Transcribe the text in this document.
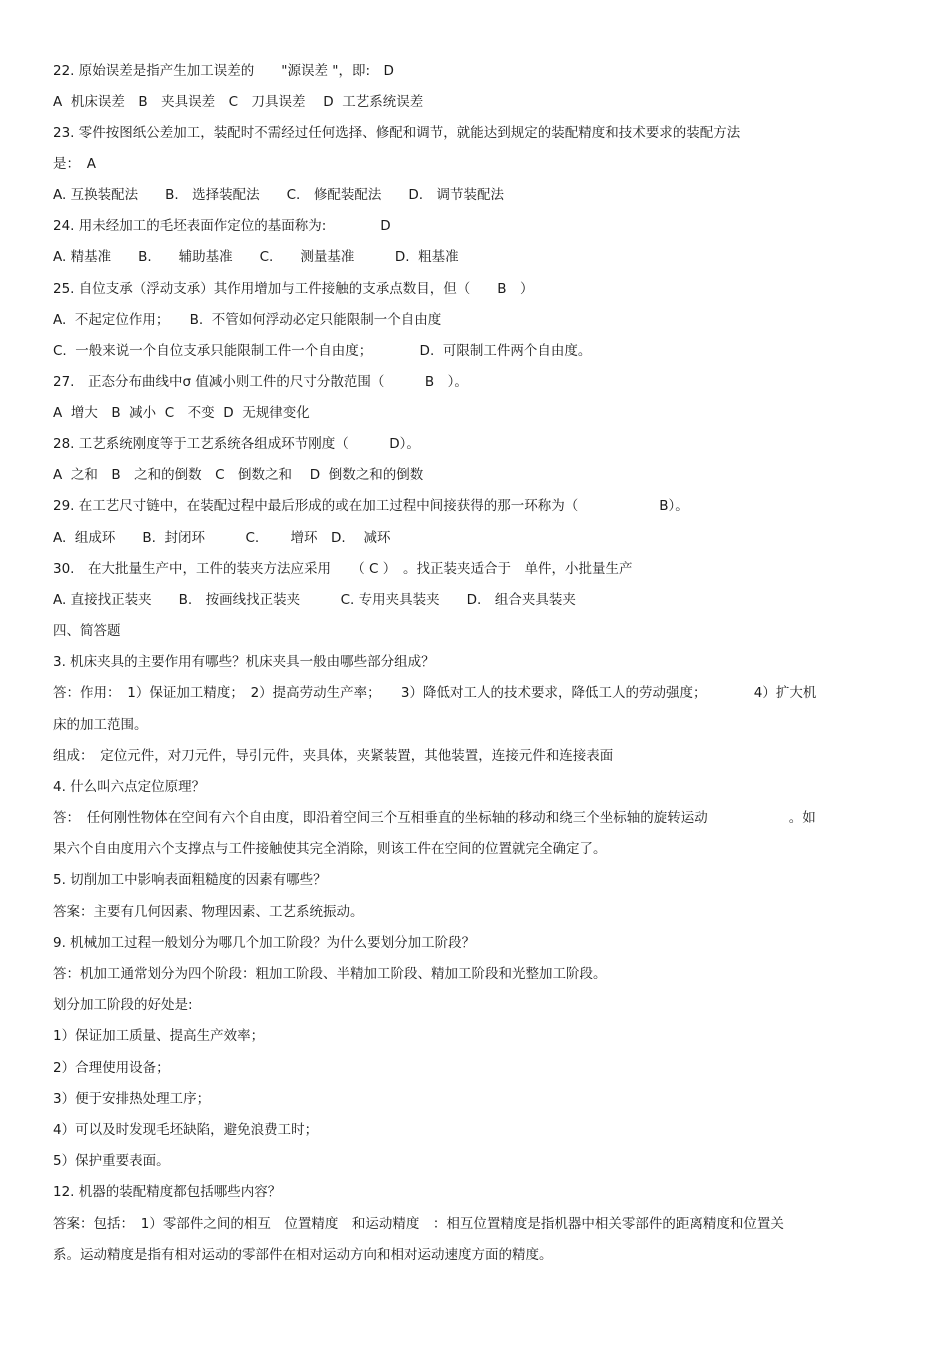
22. 原始误差是指产生加工误差的　　"源误差 "，即:　D
A  机床误差　B　夹具误差　C　刀具误差　 D  工艺系统误差
23. 零件按图纸公差加工，装配时不需经过任何选择、修配和调节，就能达到规定的装配精度和技术要求的装配方法
是：　A
A. 互换装配法　　B.　选择装配法　　C.　修配装配法　　D.　调节装配法
24. 用未经加工的毛坯表面作定位的基面称为:　　　　D
A. 精基准　　B.　　辅助基准　　C.　　测量基准　　　D.  粗基准
25. 自位支承（浮动支承）其作用增加与工件接触的支承点数目，但（　　B　）
A.  不起定位作用；　　B.  不管如何浮动必定只能限制一个自由度
C.  一般来说一个自位支承只能限制工件一个自由度；　　　　D.  可限制工件两个自由度。
27.　正态分布曲线中σ 值减小则工件的尺寸分散范围（　　　B　）。
A  增大　B  减小  C　不变  D  无规律变化
28. 工艺系统刚度等于工艺系统各组成环节刚度（　　　D）。
A  之和　B　之和的倒数　C　倒数之和　 D  倒数之和的倒数
29. 在工艺尺寸链中，在装配过程中最后形成的或在加工过程中间接获得的那一环称为（　　　　　　B）。
A.  组成环　　B.  封闭环　　　C.　　 增环　D.　 减环
30.　在大批量生产中，工件的装夹方法应采用　　（ C ）　。找正装夹适合于　单件，小批量生产
A. 直接找正装夹　　B.　按画线找正装夹　　　C. 专用夹具装夹　　D.　组合夹具装夹
四、简答题
3. 机床夹具的主要作用有哪些？机床夹具一般由哪些部分组成？
答：作用：　1）保证加工精度；　2）提高劳动生产率；　　3）降低对工人的技术要求，降低工人的劳动强度；　　　　4）扩大机
床的加工范围。
组成：　定位元件，对刀元件，导引元件，夹具体，夹紧装置，其他装置，连接元件和连接表面
4. 什么叫六点定位原理？
答：　任何刚性物体在空间有六个自由度，即沿着空间三个互相垂直的坐标轴的移动和绕三个坐标轴的旋转运动　　　　　　。如
果六个自由度用六个支撑点与工件接触使其完全消除，则该工件在空间的位置就完全确定了。
5. 切削加工中影响表面粗糙度的因素有哪些？
答案：主要有几何因素、物理因素、工艺系统振动。
9. 机械加工过程一般划分为哪几个加工阶段？为什么要划分加工阶段？
答：机加工通常划分为四个阶段：粗加工阶段、半精加工阶段、精加工阶段和光整加工阶段。
划分加工阶段的好处是:
1）保证加工质量、提高生产效率；
2）合理使用设备；
3）便于安排热处理工序；
4）可以及时发现毛坯缺陷，避免浪费工时；
5）保护重要表面。
12. 机器的装配精度都包括哪些内容？
答案：包括：　1）零部件之间的相互　位置精度　和运动精度　：相互位置精度是指机器中相关零部件的距离精度和位置关
系。运动精度是指有相对运动的零部件在相对运动方向和相对运动速度方面的精度。
